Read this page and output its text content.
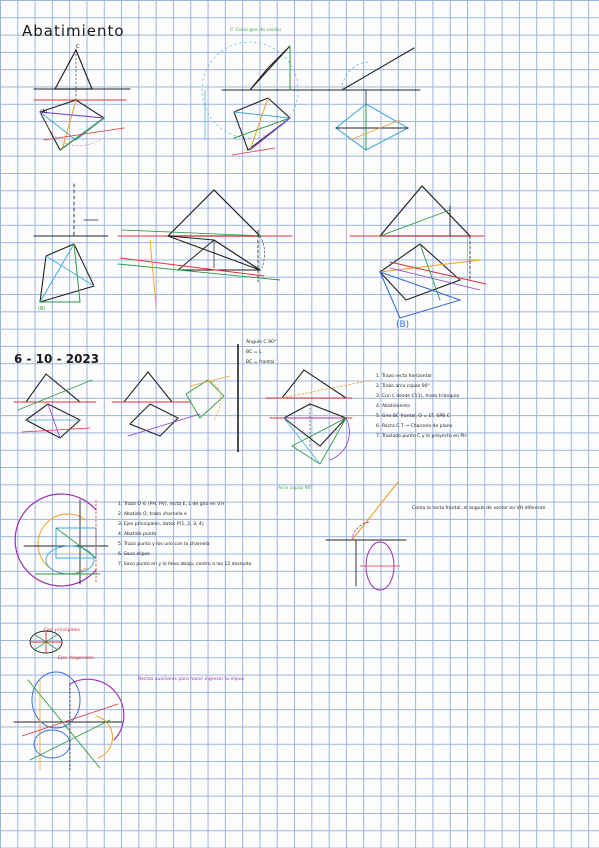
Abatimiento
6 - 10 - 2023
C' Cono giro de conitu
Arco capaz 90°
Ángulo C 90°
BC = L
BC = frontal
1. Trazo recta horizontal
2. Trazo arco capaz 90°
3. Con L desde C'(1), trazo triángulo
4. Abatimiento
5. Giro BC frontal, O = LT, SPB C
6. Recta C T → Charnela de plano
7. Traslado punto C y lo proyecto en PH
1. Trazo O ∈ (PH, PV), recta E, L de giro en V.H
2. Abatido O, trazo charnela e
3. Ejes principales, datos P(1, 2, 3, 4)
4. Abatido punto
5. Trazo punto y los uno con la charnela
6. Saco elipse
7. Saco punto en y lo llevo abajo, centro a las 12 desnuda
Como la recta frontal, el ángulo de vector en VH diferente
Ejes principales
Ejes diagonales
Rectas auxiliares para hacer ingresar la elipse
(A)
C
(B)
(B)
